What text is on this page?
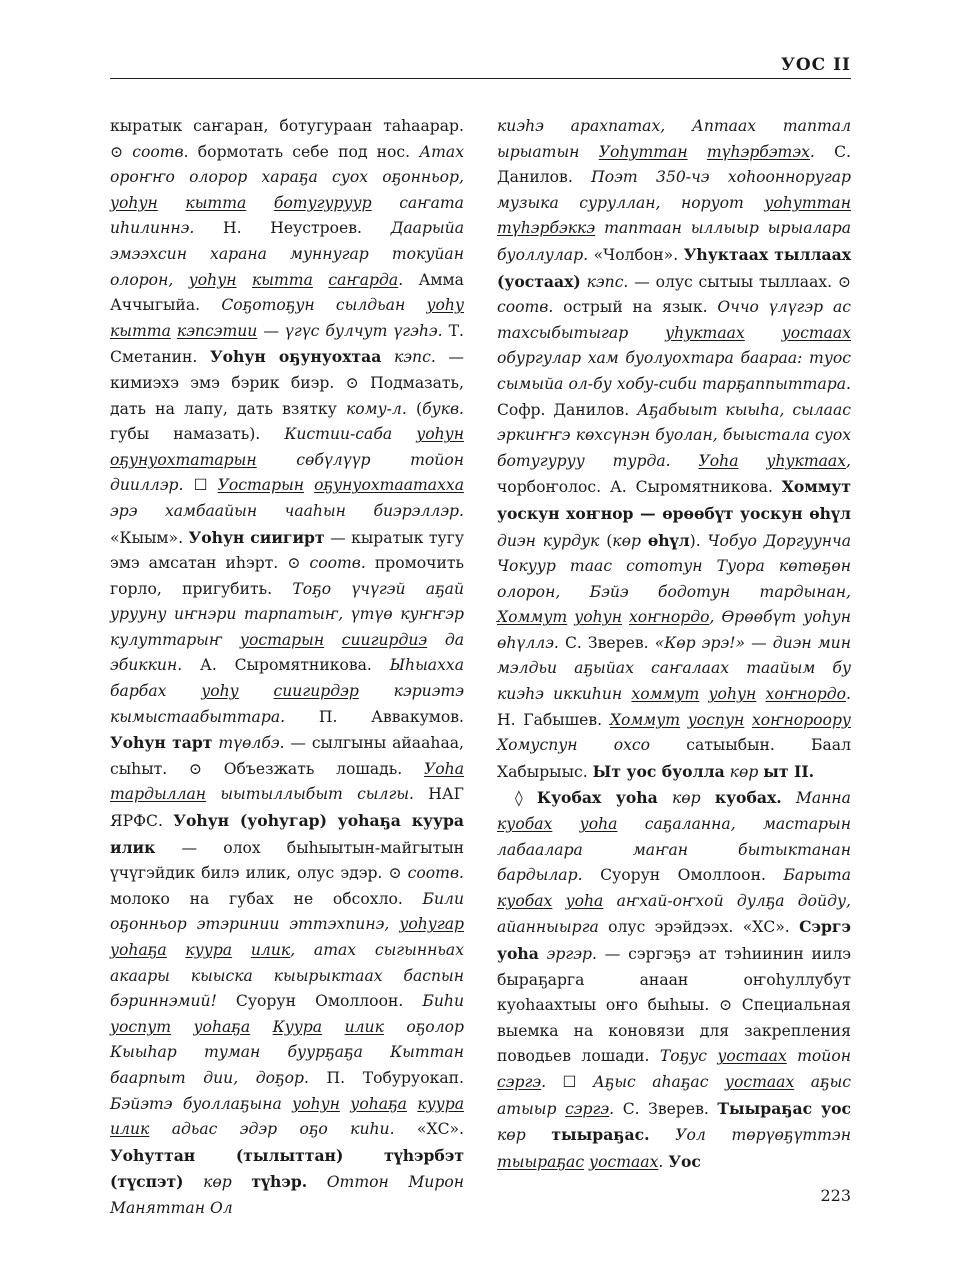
УОС II

кыратык саҥаран, ботугураан таһаарар. ⊙ соотв. бормотать себе под нос. Атах ороҥҥо олорор хараҕа суох оҕонньор, уоһун кытта ботугурууp саҥата иһилиннэ. Н. Неустроев. Даарыйа эмээхсин харана муннугар токуйан олорон, уоһун кытта саҥарда. Амма Аччыгыйа. Соҕотоҕун сылдьан уоһу кытта кэпсэтии — үгүс булчут үгэһэ. Т. Сметанин. Уоһун оҕунуохтаа кэпс. — кимиэхэ эмэ бэрик биэр. ⊙ Подмазать, дать на лапу, дать взятку кому-л. (букв. губы намазать). Кистии-саба уоһун оҕунуохтатарын сөбүлүүр тойон дииллэр. ☐ Уостарын оҕунуохтаатахха эрэ хамбаайын чааһын биэрэллэр. «Кыым». Уоһун сиигирт — кыратык тугу эмэ амсатан иһэрт. ⊙ соотв. промочить горло, пригубить. Тоҕо үчүгэй аҕай урууну иҥнэри тарпатыҥ, үтүө куҥҥэр кулуттарыҥ уостарын сиигирдиэ да эбиккин. А. Сыромятникова. Ыһыахха барбах уоһу сиигирдэр кэриэтэ кымыстаабыттара. П. Аввакумов. Уоһун тарт түөлбэ. — сылгыны айааһаа, сыһыт. ⊙ Объезжать лошадь. Уоһа тардыллан ыытыллыбыт сылгы. НАГ ЯРФС. Уоһун (уоһугар) уоһаҕа куура илик — олох быһыытын-майгытын үчүгэйдик билэ илик, олус эдэр. ⊙ соотв. молоко на губах не обсохло. Били оҕонньор этэринии эттэхпинэ, уоһугар уоһаҕа куура илик, атах сыгынньах акаары кыыска кыырыктаах баспын бэриннэмий! Суорун Омоллоон. Биһи уоспут уоһаҕа Куура илик оҕолор Кыыһар туман буурҕаҕа Кыттан баарпыт дии, доҕор. П. Тобуруокап. Бэйэтэ буоллаҕына уоһун уоһаҕа куура илик адьас эдэр оҕо киһи. «ХС». Уоһуттан (тылыттан) түһэрбэт (түспэт) көр түһэр. Оттон Мирон Маняттан Ол

киэһэ арахпатах, Аптаах таптал ырыатын Уоһуттан түһэрбэтэх. С. Данилов. Поэт 350-чэ хоһоонноругар музыка суруллан, норуот уоһуттан түһэрбэккэ таптаан ыллыыр ырыалара буоллулар. «Чолбон». Уһуктаах тыллаах (уостаах) кэпс. — олус сытыы тыллаах. ⊙ соотв. острый на язык. Оччо үлүгэр ас тахсыбытыгар уһуктаах уостаах обургулар хам буолуохтара баараа: туос сымыйа ол-бу хобу-сиби тарҕаппыттара. Софр. Данилов. Аҕабыыт кыыһа, сылаас эркиҥҥэ көхсүнэн буолан, быыстала суох ботугуруу турда. Уоһа уһуктаах, чорбоҥолос. А. Сыромятникова. Хоммут уоскун хоҥнор — өрөөбүт уоскун өһүл диэн курдук (көр өһүл). Чобуо Доргуунча Чокуур таас сототун Туора көтөҕөн олорон, Бэйэ бодотун тардынан, Хоммут уоһун хоҥнордо, Өрөөбүт уоһун өһүллэ. С. Зверев. «Көр эрэ!» — диэн мин мэлдьи аҕыйах саҥалаах таайым бу киэһэ иккиһин хоммут уоһун хоҥнордо. Н. Габышев. Хоммут уоспун хоҥнороору Хомуспун охсо сатыыбын. Баал Хабырыыс. Ыт уос буолла көр ыт II.

◊ Куобах уоһа көр куобах. Манна куобах уоһа саҕаланна, мастарын лабаалара маҥан бытыктанан бардылар. Суорун Омоллоон. Барыта куобах уоһа аҥхай-оҥхой дулҕа дойду, айанныырга олус эрэйдээх. «ХС». Сэргэ уоһа эргэр. — сэргэҕэ ат тэһиинин иилэ быраҕарга анаан оҥоһуллубут куоһаахтыы оҥо быһыы. ⊙ Специальная выемка на коновязи для закрепления поводьев лошади. Тоҕус уостаах тойон сэргэ. ☐ Аҕыс аһаҕас уостаах аҕыс атыыр сэргэ. С. Зверев. Тыыраҕас уос көр тыыраҕас. Уол төрүөҕүттэн тыыраҕас уостаах. Уос

223
